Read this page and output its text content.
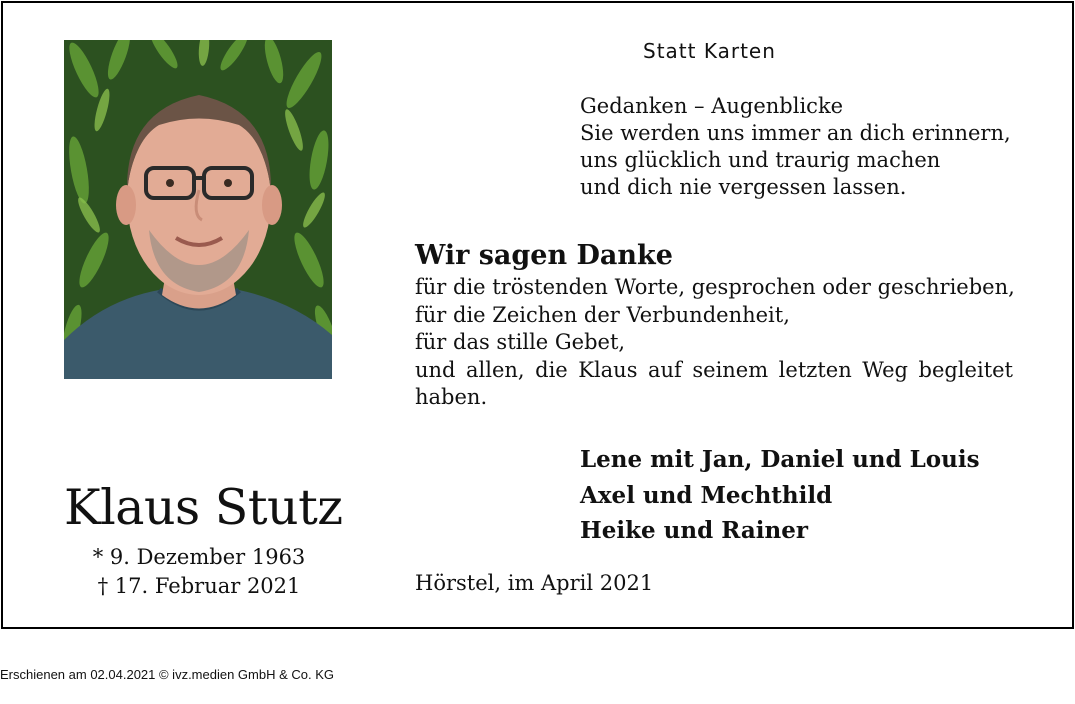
Klaus Stutz
* 9. Dezember 1963
† 17. Februar 2021
Statt Karten
Gedanken – Augenblicke
Sie werden uns immer an dich erinnern,
uns glücklich und traurig machen
und dich nie vergessen lassen.
Wir sagen Danke
für die tröstenden Worte, gesprochen oder geschrieben,
für die Zeichen der Verbundenheit,
für das stille Gebet,
und allen, die Klaus auf seinem letzten Weg begleitet
haben.
Lene mit Jan, Daniel und Louis
Axel und Mechthild
Heike und Rainer
Hörstel, im April 2021
Erschienen am 02.04.2021 © ivz.medien GmbH & Co. KG
